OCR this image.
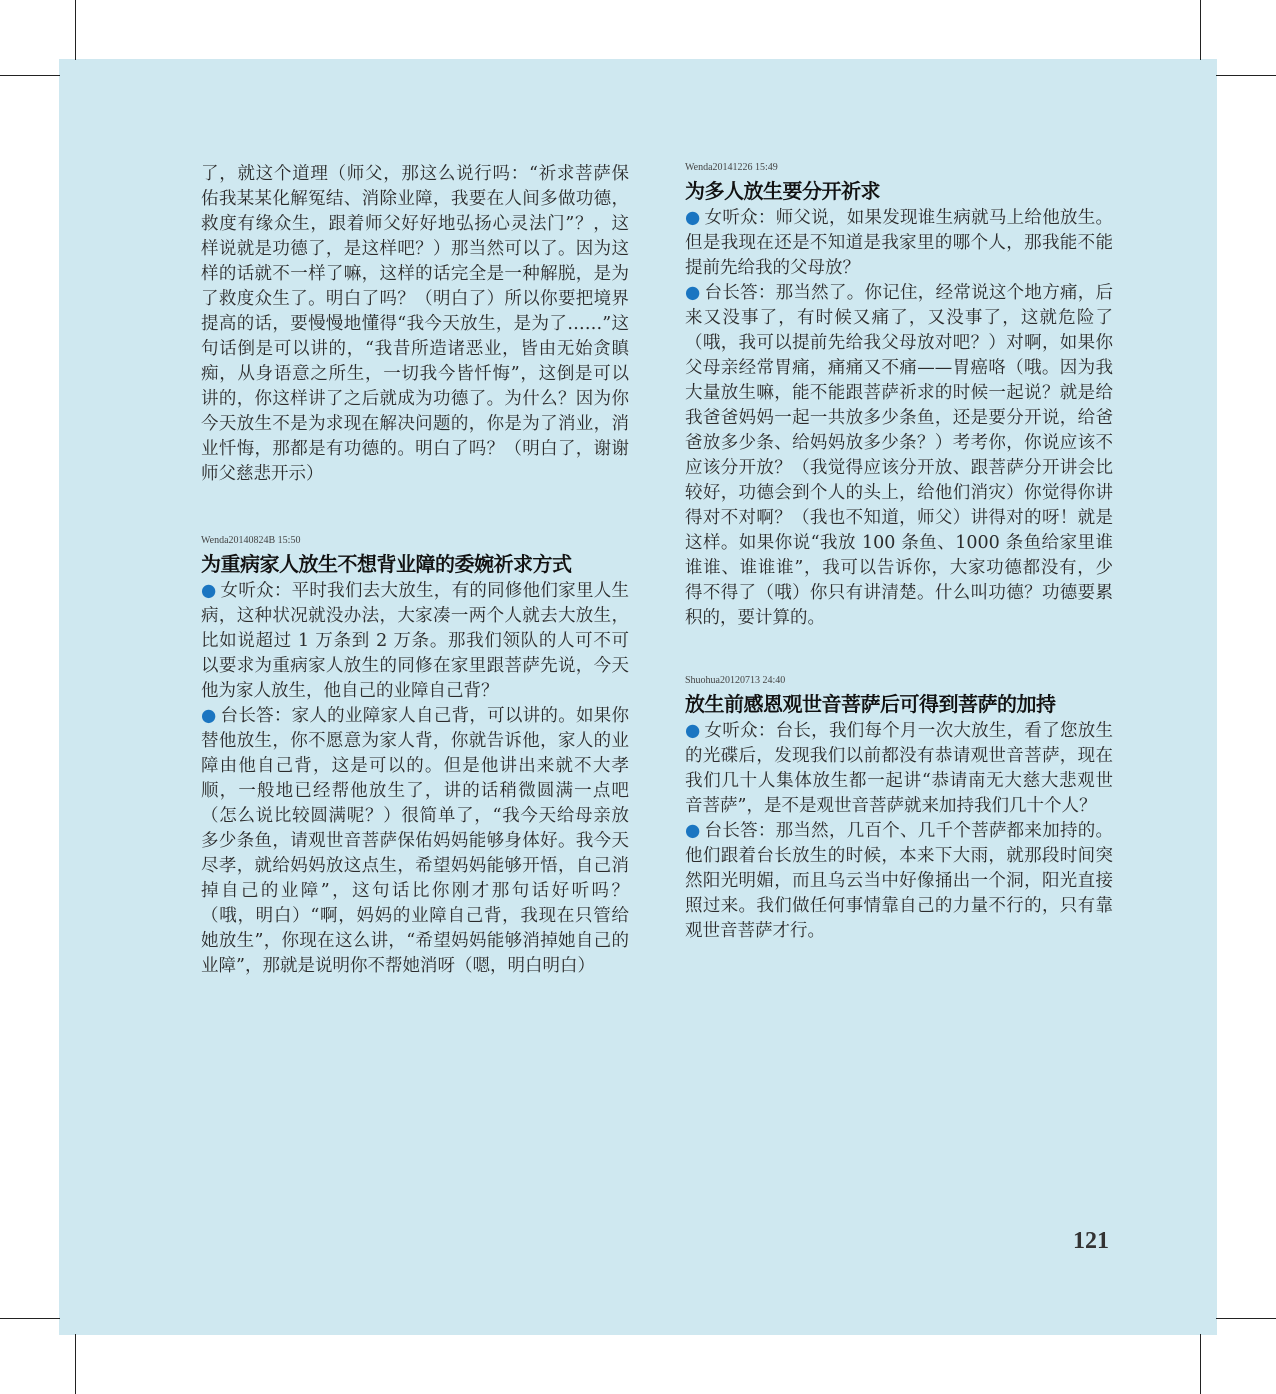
了，就这个道理（师父，那这么说行吗：“祈求菩萨保佑我某某化解冤结、消除业障，我要在人间多做功德，救度有缘众生，跟着师父好好地弘扬心灵法门”？，这样说就是功德了，是这样吧？）那当然可以了。因为这样的话就不一样了嘛，这样的话完全是一种解脱，是为了救度众生了。明白了吗？（明白了）所以你要把境界提高的话，要慢慢地懂得“我今天放生，是为了……”这句话倒是可以讲的，“我昔所造诸恶业，皆由无始贪瞋痴，从身语意之所生，一切我今皆忏悔”，这倒是可以讲的，你这样讲了之后就成为功德了。为什么？因为你今天放生不是为求现在解决问题的，你是为了消业，消业忏悔，那都是有功德的。明白了吗？（明白了，谢谢师父慈悲开示）

Wenda20140824B 15:50

为重病家人放生不想背业障的委婉祈求方式

● 女听众：平时我们去大放生，有的同修他们家里人生病，这种状况就没办法，大家凑一两个人就去大放生，比如说超过 1 万条到 2 万条。那我们领队的人可不可以要求为重病家人放生的同修在家里跟菩萨先说，今天他为家人放生，他自己的业障自己背？

● 台长答：家人的业障家人自己背，可以讲的。如果你替他放生，你不愿意为家人背，你就告诉他，家人的业障由他自己背，这是可以的。但是他讲出来就不大孝顺，一般地已经帮他放生了，讲的话稍微圆满一点吧（怎么说比较圆满呢？）很简单了，“我今天给母亲放多少条鱼，请观世音菩萨保佑妈妈能够身体好。我今天尽孝，就给妈妈放这点生，希望妈妈能够开悟，自己消掉自己的业障”，这句话比你刚才那句话好听吗？（哦，明白）“啊，妈妈的业障自己背，我现在只管给她放生”，你现在这么讲，“希望妈妈能够消掉她自己的业障”，那就是说明你不帮她消呀（嗯，明白明白）

Wenda20141226 15:49

为多人放生要分开祈求

● 女听众：师父说，如果发现谁生病就马上给他放生。但是我现在还是不知道是我家里的哪个人，那我能不能提前先给我的父母放？

● 台长答：那当然了。你记住，经常说这个地方痛，后来又没事了，有时候又痛了，又没事了，这就危险了（哦，我可以提前先给我父母放对吧？）对啊，如果你父母亲经常胃痛，痛痛又不痛——胃癌咯（哦。因为我大量放生嘛，能不能跟菩萨祈求的时候一起说？就是给我爸爸妈妈一起一共放多少条鱼，还是要分开说，给爸爸放多少条、给妈妈放多少条？）考考你，你说应该不应该分开放？（我觉得应该分开放、跟菩萨分开讲会比较好，功德会到个人的头上，给他们消灾）你觉得你讲得对不对啊？（我也不知道，师父）讲得对的呀！就是这样。如果你说“我放 100 条鱼、1000 条鱼给家里谁谁谁、谁谁谁”，我可以告诉你，大家功德都没有，少得不得了（哦）你只有讲清楚。什么叫功德？功德要累积的，要计算的。

Shuohua20120713 24:40

放生前感恩观世音菩萨后可得到菩萨的加持

● 女听众：台长，我们每个月一次大放生，看了您放生的光碟后，发现我们以前都没有恭请观世音菩萨，现在我们几十人集体放生都一起讲“恭请南无大慈大悲观世音菩萨”，是不是观世音菩萨就来加持我们几十个人？

● 台长答：那当然，几百个、几千个菩萨都来加持的。他们跟着台长放生的时候，本来下大雨，就那段时间突然阳光明媚，而且乌云当中好像捅出一个洞，阳光直接照过来。我们做任何事情靠自己的力量不行的，只有靠观世音菩萨才行。

121
